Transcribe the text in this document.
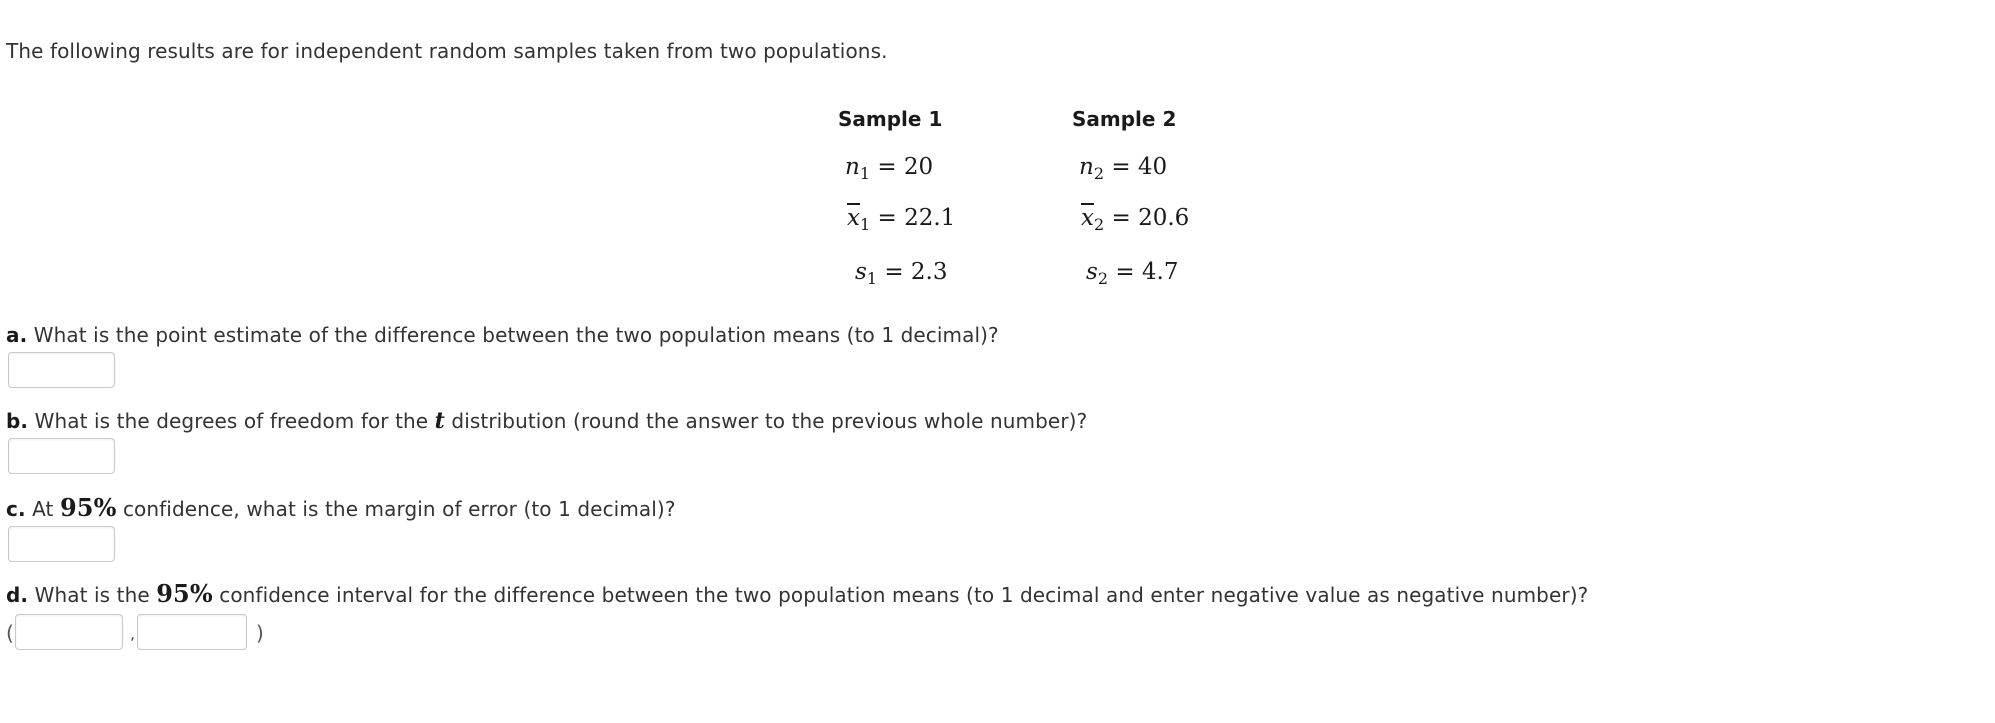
The following results are for independent random samples taken from two populations.
Sample 1	Sample 2
$n_1 = 20$	$n_2 = 40$
$\overline{x}_1 = 22.1$	$\overline{x}_2 = 20.6$
$s_1 = 2.3$	$s_2 = 4.7$
a. What is the point estimate of the difference between the two population means (to 1 decimal)?
b. What is the degrees of freedom for the t distribution (round the answer to the previous whole number)?
c. At 95% confidence, what is the margin of error (to 1 decimal)?
d. What is the 95% confidence interval for the difference between the two population means (to 1 decimal and enter negative value as negative number)?
(	,	)
